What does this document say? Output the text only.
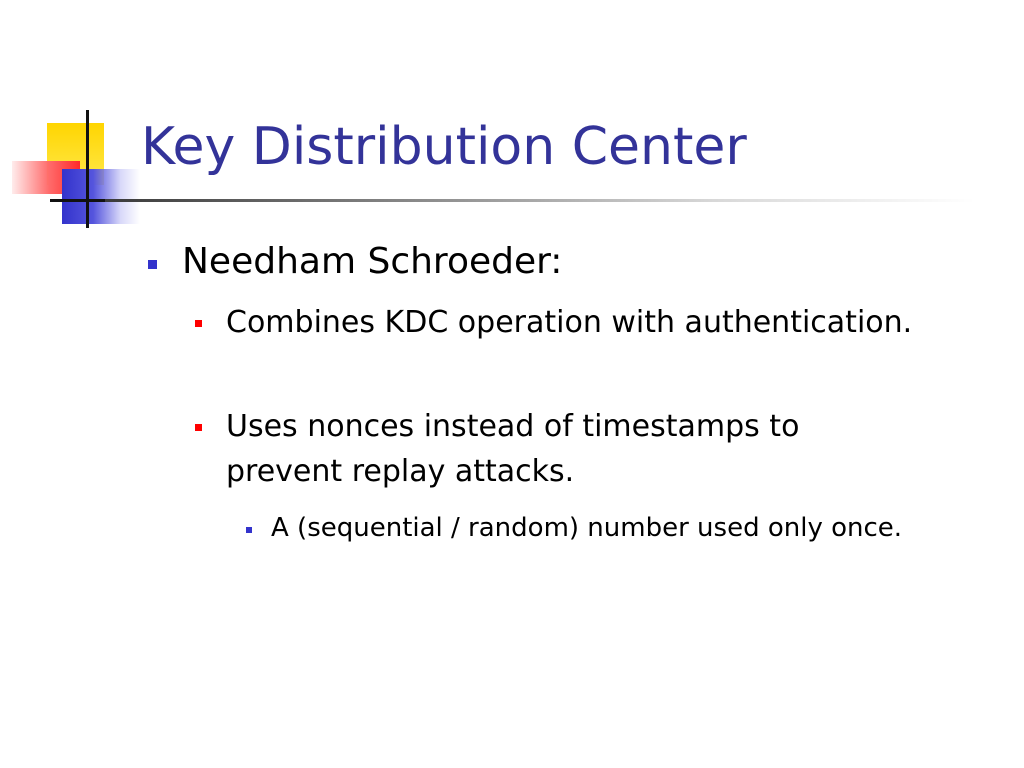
Key Distribution Center
Needham Schroeder:
Combines KDC operation with authentication.
Uses nonces instead of timestamps to prevent replay attacks.
A (sequential / random) number used only once.
